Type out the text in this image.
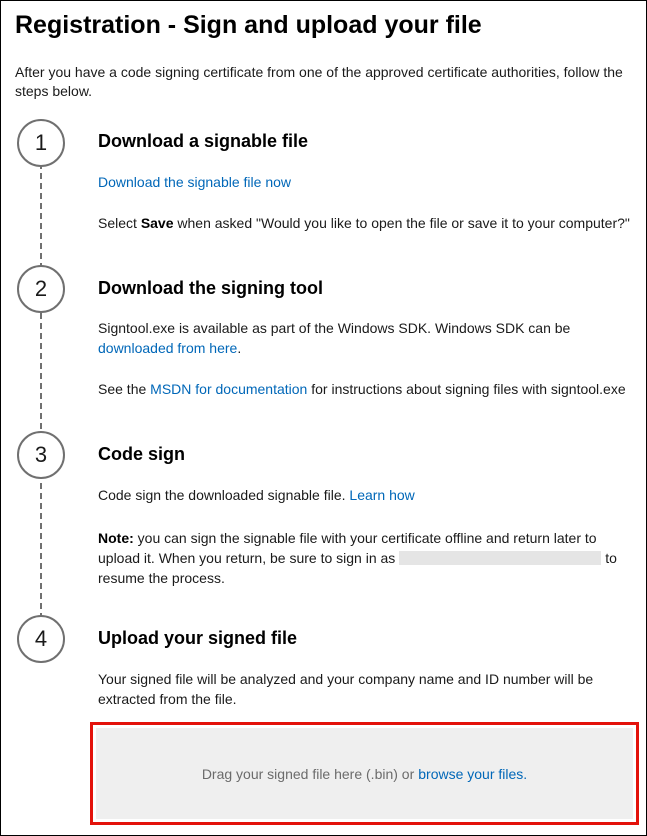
Registration - Sign and upload your file

After you have a code signing certificate from one of the approved certificate authorities, follow the steps below.

1	Download a signable file

Download the signable file now

Select Save when asked "Would you like to open the file or save it to your computer?"

2	Download the signing tool

Signtool.exe is available as part of the Windows SDK. Windows SDK can be downloaded from here.

See the MSDN for documentation for instructions about signing files with signtool.exe

3	Code sign

Code sign the downloaded signable file. Learn how

Note: you can sign the signable file with your certificate offline and return later to upload it. When you return, be sure to sign in as	to resume the process.

4	Upload your signed file

Your signed file will be analyzed and your company name and ID number will be extracted from the file.

Drag your signed file here (.bin) or browse your files.
